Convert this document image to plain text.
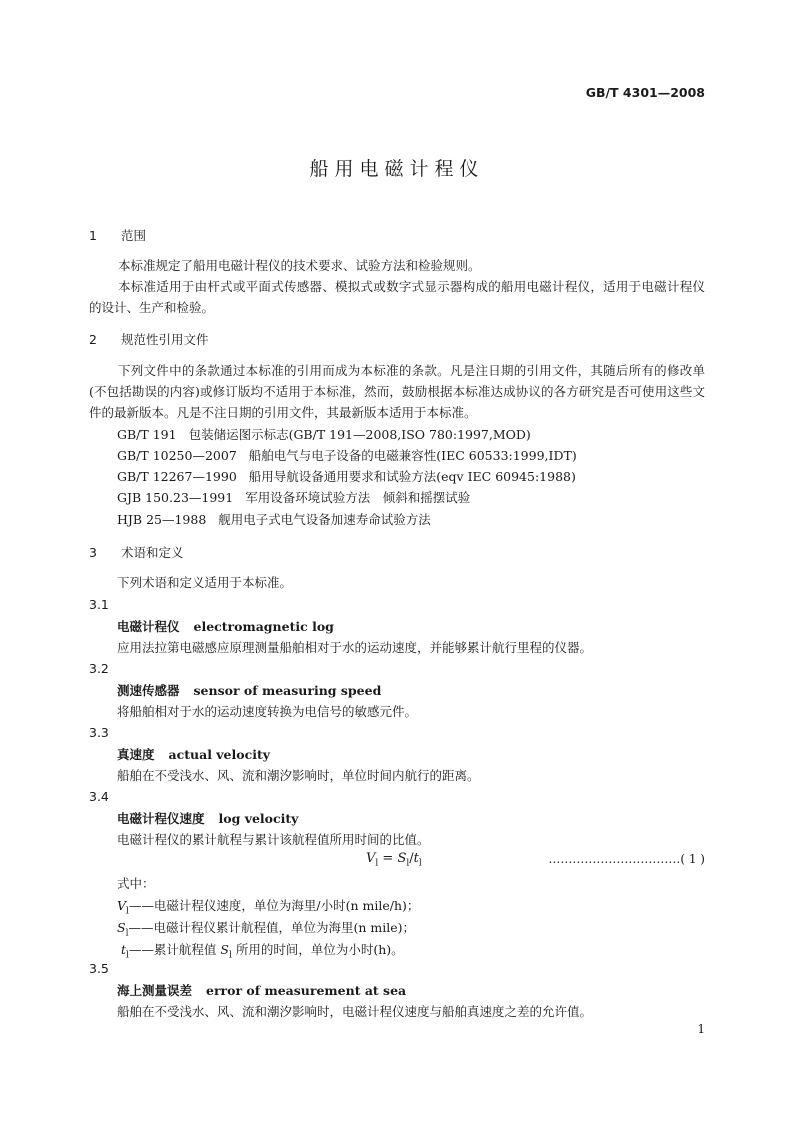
GB/T 4301—2008
船用电磁计程仪
1 范围
本标准规定了船用电磁计程仪的技术要求、试验方法和检验规则。
本标准适用于由杆式或平面式传感器、模拟式或数字式显示器构成的船用电磁计程仪，适用于电磁计程仪的设计、生产和检验。
2 规范性引用文件
下列文件中的条款通过本标准的引用而成为本标准的条款。凡是注日期的引用文件，其随后所有的修改单(不包括勘误的内容)或修订版均不适用于本标准，然而，鼓励根据本标准达成协议的各方研究是否可使用这些文件的最新版本。凡是不注日期的引用文件，其最新版本适用于本标准。
GB/T 191 包装储运图示标志(GB/T 191—2008,ISO 780:1997,MOD)
GB/T 10250—2007 船舶电气与电子设备的电磁兼容性(IEC 60533:1999,IDT)
GB/T 12267—1990 船用导航设备通用要求和试验方法(eqv IEC 60945:1988)
GJB 150.23—1991 军用设备环境试验方法　倾斜和摇摆试验
HJB 25—1988 舰用电子式电气设备加速寿命试验方法
3 术语和定义
下列术语和定义适用于本标准。
3.1
电磁计程仪 electromagnetic log
应用法拉第电磁感应原理测量船舶相对于水的运动速度，并能够累计航行里程的仪器。
3.2
测速传感器 sensor of measuring speed
将船舶相对于水的运动速度转换为电信号的敏感元件。
3.3
真速度 actual velocity
船舶在不受浅水、风、流和潮汐影响时，单位时间内航行的距离。
3.4
电磁计程仪速度 log velocity
电磁计程仪的累计航程与累计该航程值所用时间的比值。
$V_l = S_l/t_l$	……………………………( 1 )
式中：
$V_l——$电磁计程仪速度，单位为海里/小时(n mile/h)；
$S_l——$电磁计程仪累计航程值，单位为海里(n mile)；
$t_l——$累计航程值 $S_l$ 所用的时间，单位为小时(h)。
3.5
海上测量误差 error of measurement at sea
船舶在不受浅水、风、流和潮汐影响时，电磁计程仪速度与船舶真速度之差的允许值。
1
